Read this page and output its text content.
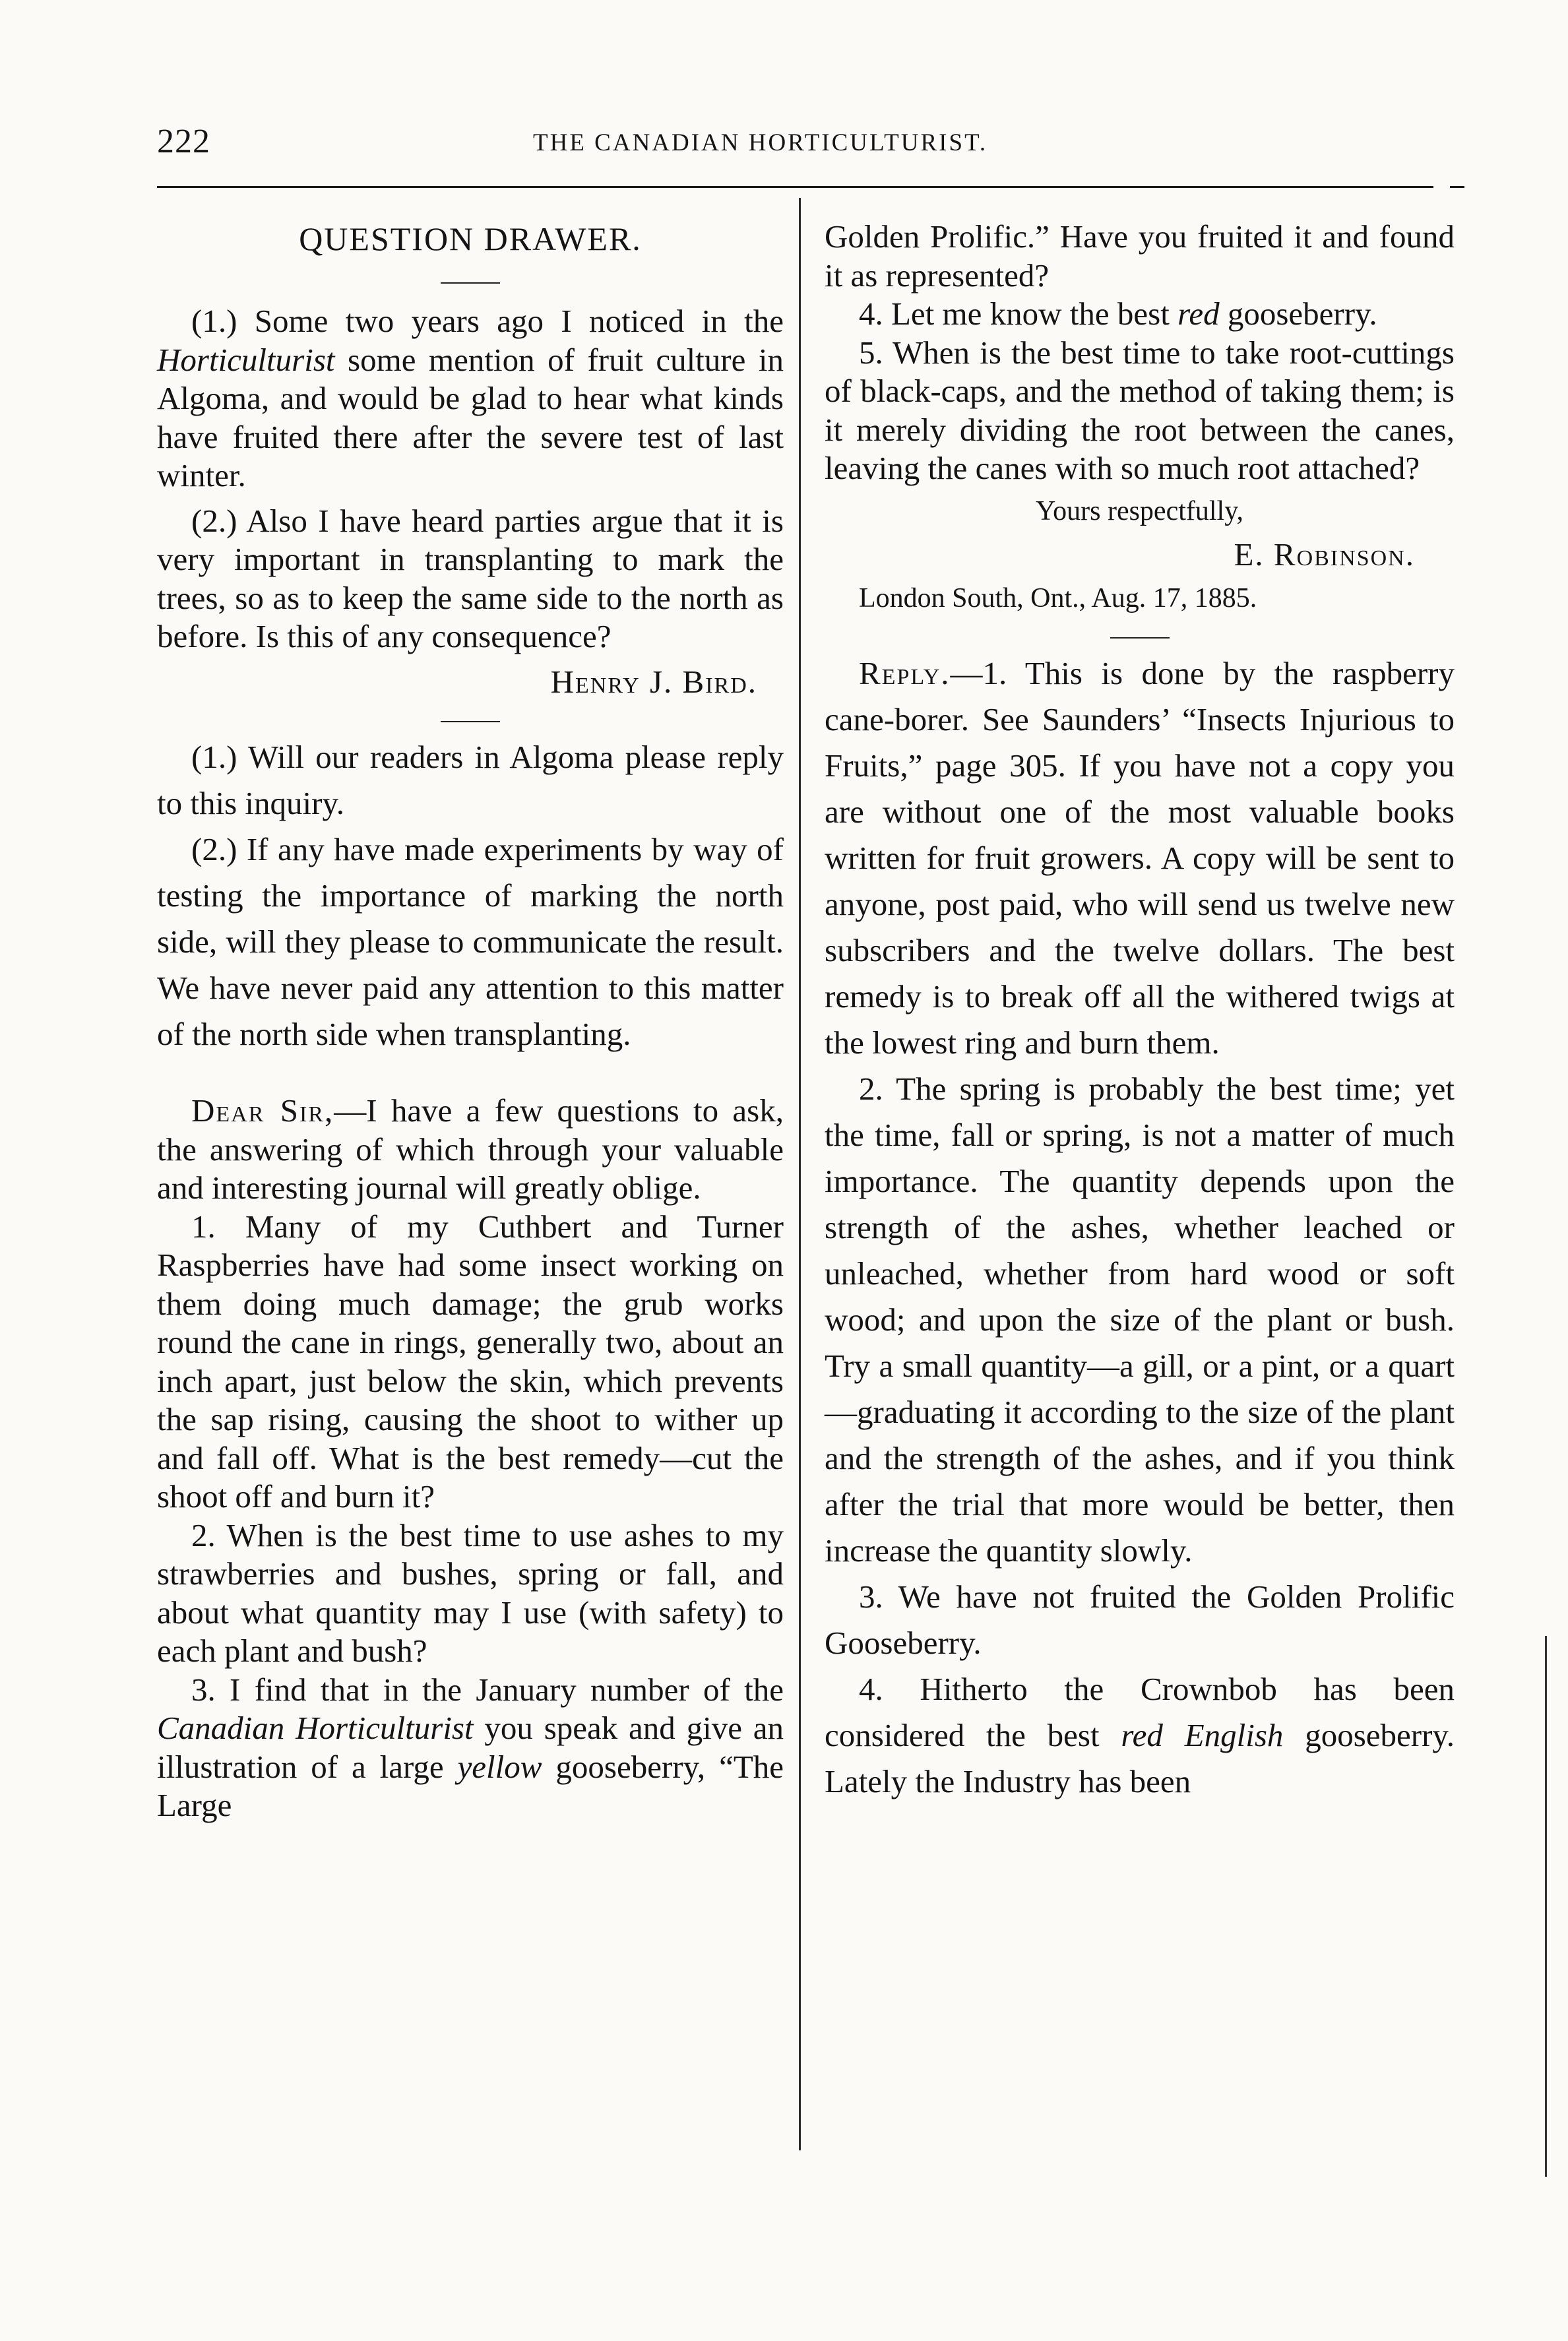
222	THE CANADIAN HORTICULTURIST.
QUESTION DRAWER.

(1.) Some two years ago I noticed in the Horticulturist some mention of fruit culture in Algoma, and would be glad to hear what kinds have fruited there after the severe test of last winter.

(2.) Also I have heard parties argue that it is very important in transplanting to mark the trees, so as to keep the same side to the north as before. Is this of any consequence?

Henry J. Bird.

(1.) Will our readers in Algoma please reply to this inquiry.

(2.) If any have made experiments by way of testing the importance of marking the north side, will they please to communicate the result. We have never paid any attention to this matter of the north side when transplanting.

Dear Sir,—I have a few questions to ask, the answering of which through your valuable and interesting journal will greatly oblige.

1. Many of my Cuthbert and Turner Raspberries have had some insect working on them doing much damage; the grub works round the cane in rings, generally two, about an inch apart, just below the skin, which prevents the sap rising, causing the shoot to wither up and fall off. What is the best remedy—cut the shoot off and burn it?

2. When is the best time to use ashes to my strawberries and bushes, spring or fall, and about what quantity may I use (with safety) to each plant and bush?

3. I find that in the January number of the Canadian Horticulturist you speak and give an illustration of a large yellow gooseberry, “The Large

Golden Prolific.” Have you fruited it and found it as represented?

4. Let me know the best red gooseberry.

5. When is the best time to take root-cuttings of black-caps, and the method of taking them; is it merely dividing the root between the canes, leaving the canes with so much root attached?

Yours respectfully,

E. Robinson.

London South, Ont., Aug. 17, 1885.

Reply.—1. This is done by the raspberry cane-borer. See Saunders’ “Insects Injurious to Fruits,” page 305. If you have not a copy you are without one of the most valuable books written for fruit growers. A copy will be sent to anyone, post paid, who will send us twelve new subscribers and the twelve dollars. The best remedy is to break off all the withered twigs at the lowest ring and burn them.

2. The spring is probably the best time; yet the time, fall or spring, is not a matter of much importance. The quantity depends upon the strength of the ashes, whether leached or unleached, whether from hard wood or soft wood; and upon the size of the plant or bush. Try a small quantity—a gill, or a pint, or a quart—graduating it according to the size of the plant and the strength of the ashes, and if you think after the trial that more would be better, then increase the quantity slowly.

3. We have not fruited the Golden Prolific Gooseberry.

4. Hitherto the Crownbob has been considered the best red English gooseberry. Lately the Industry has been
